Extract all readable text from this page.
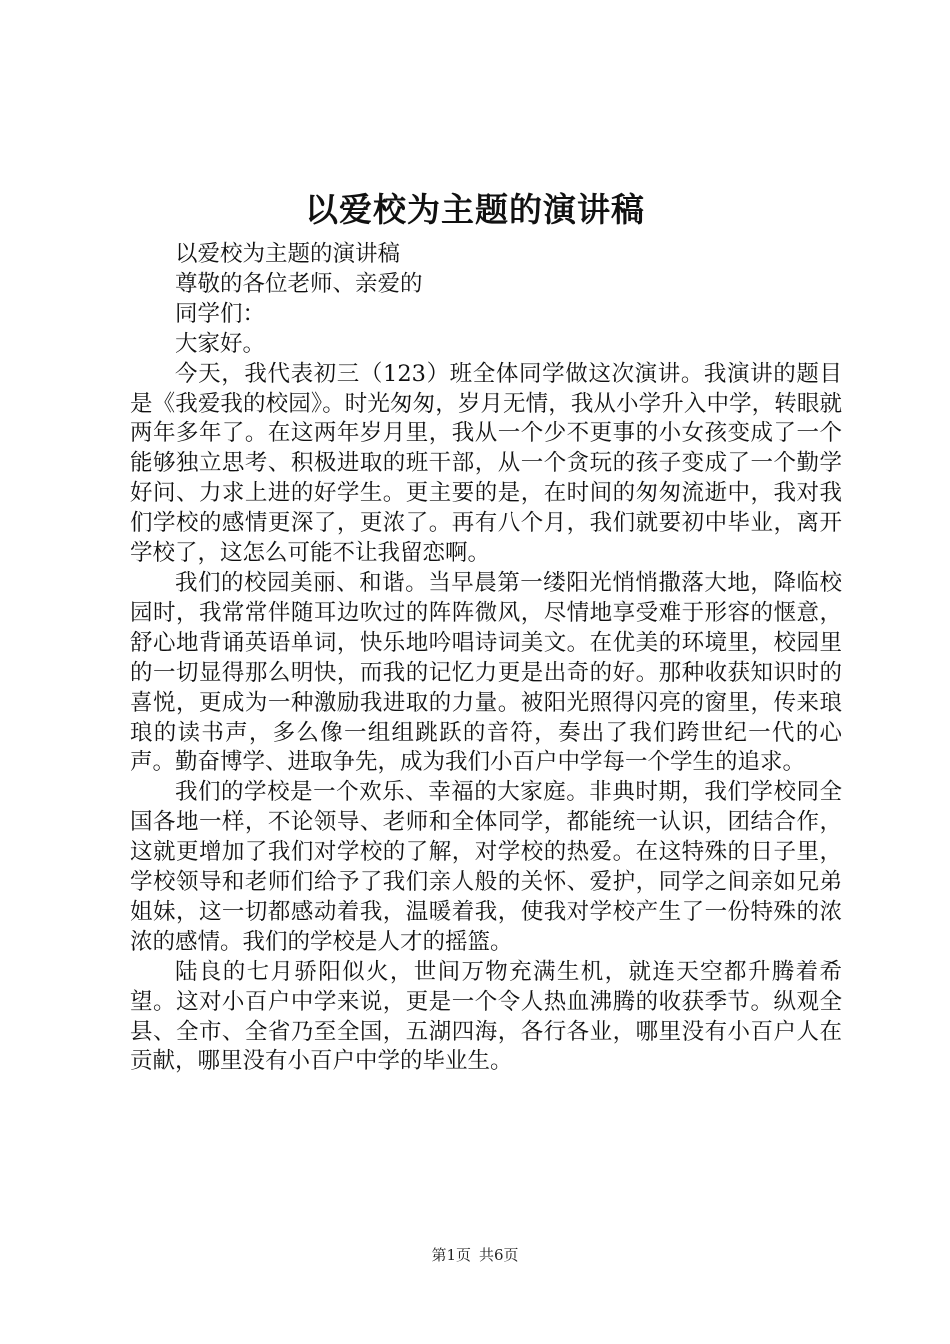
以爱校为主题的演讲稿

以爱校为主题的演讲稿

尊敬的各位老师、亲爱的

同学们：

大家好。

今天，我代表初三（123）班全体同学做这次演讲。我演讲的题目是《我爱我的校园》。时光匆匆，岁月无情，我从小学升入中学，转眼就两年多年了。在这两年岁月里，我从一个少不更事的小女孩变成了一个能够独立思考、积极进取的班干部，从一个贪玩的孩子变成了一个勤学好问、力求上进的好学生。更主要的是，在时间的匆匆流逝中，我对我们学校的感情更深了，更浓了。再有八个月，我们就要初中毕业，离开学校了，这怎么可能不让我留恋啊。

我们的校园美丽、和谐。当早晨第一缕阳光悄悄撒落大地，降临校园时，我常常伴随耳边吹过的阵阵微风，尽情地享受难于形容的惬意，舒心地背诵英语单词，快乐地吟唱诗词美文。在优美的环境里，校园里的一切显得那么明快，而我的记忆力更是出奇的好。那种收获知识时的喜悦，更成为一种激励我进取的力量。被阳光照得闪亮的窗里，传来琅琅的读书声，多么像一组组跳跃的音符，奏出了我们跨世纪一代的心声。勤奋博学、进取争先，成为我们小百户中学每一个学生的追求。

我们的学校是一个欢乐、幸福的大家庭。非典时期，我们学校同全国各地一样，不论领导、老师和全体同学，都能统一认识，团结合作，这就更增加了我们对学校的了解，对学校的热爱。在这特殊的日子里，学校领导和老师们给予了我们亲人般的关怀、爱护，同学之间亲如兄弟姐妹，这一切都感动着我，温暖着我，使我对学校产生了一份特殊的浓浓的感情。我们的学校是人才的摇篮。

陆良的七月骄阳似火，世间万物充满生机，就连天空都升腾着希望。这对小百户中学来说，更是一个令人热血沸腾的收获季节。纵观全县、全市、全省乃至全国，五湖四海，各行各业，哪里没有小百户人在贡献，哪里没有小百户中学的毕业生。

第1页 共6页
